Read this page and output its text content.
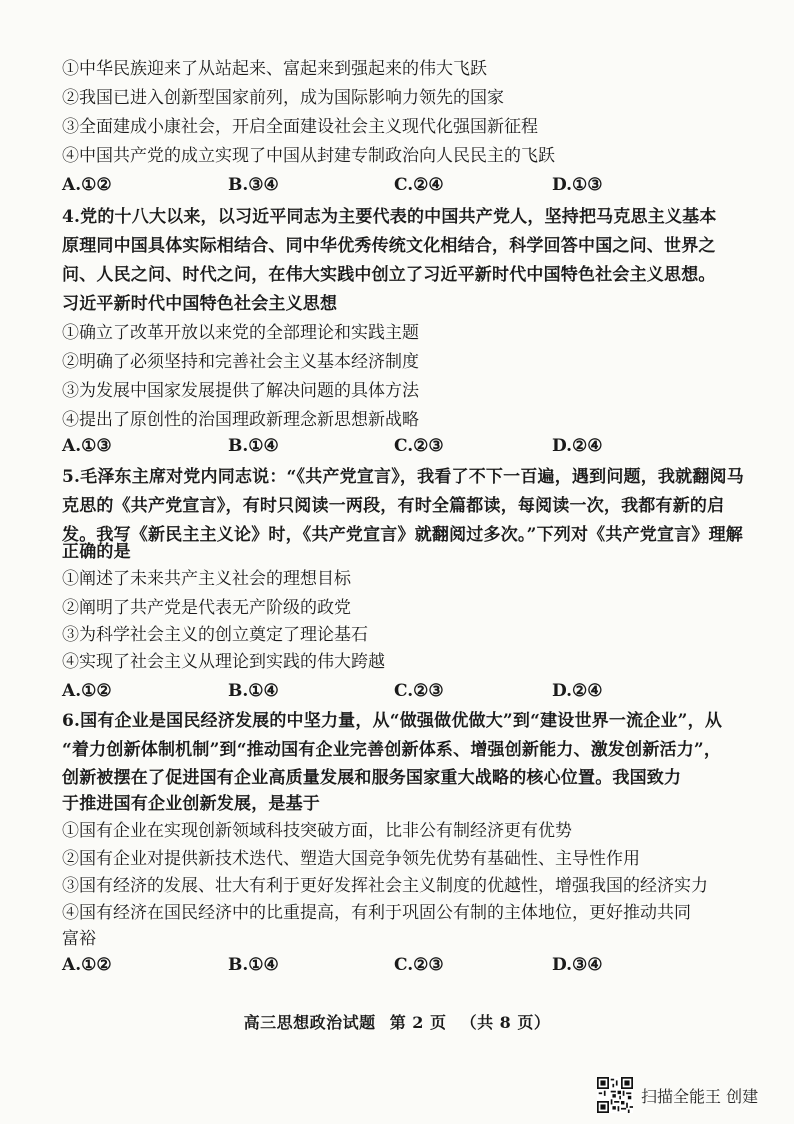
①中华民族迎来了从站起来、富起来到强起来的伟大飞跃
②我国已进入创新型国家前列，成为国际影响力领先的国家
③全面建成小康社会，开启全面建设社会主义现代化强国新征程
④中国共产党的成立实现了中国从封建专制政治向人民民主的飞跃
A.①②	B.③④	C.②④	D.①③
4.党的十八大以来，以习近平同志为主要代表的中国共产党人，坚持把马克思主义基本
原理同中国具体实际相结合、同中华优秀传统文化相结合，科学回答中国之问、世界之
问、人民之问、时代之问，在伟大实践中创立了习近平新时代中国特色社会主义思想。
习近平新时代中国特色社会主义思想
①确立了改革开放以来党的全部理论和实践主题
②明确了必须坚持和完善社会主义基本经济制度
③为发展中国家发展提供了解决问题的具体方法
④提出了原创性的治国理政新理念新思想新战略
A.①③	B.①④	C.②③	D.②④
5.毛泽东主席对党内同志说：“《共产党宣言》，我看了不下一百遍，遇到问题，我就翻阅马
克思的《共产党宣言》，有时只阅读一两段，有时全篇都读，每阅读一次，我都有新的启
发。我写《新民主主义论》时，《共产党宣言》就翻阅过多次。”下列对《共产党宣言》理解
正确的是
①阐述了未来共产主义社会的理想目标
②阐明了共产党是代表无产阶级的政党
③为科学社会主义的创立奠定了理论基石
④实现了社会主义从理论到实践的伟大跨越
A.①②	B.①④	C.②③	D.②④
6.国有企业是国民经济发展的中坚力量，从“做强做优做大”到“建设世界一流企业”，从
“着力创新体制机制”到“推动国有企业完善创新体系、增强创新能力、激发创新活力”，
创新被摆在了促进国有企业高质量发展和服务国家重大战略的核心位置。我国致力
于推进国有企业创新发展，是基于
①国有企业在实现创新领域科技突破方面，比非公有制经济更有优势
②国有企业对提供新技术迭代、塑造大国竞争领先优势有基础性、主导性作用
③国有经济的发展、壮大有利于更好发挥社会主义制度的优越性，增强我国的经济实力
④国有经济在国民经济中的比重提高，有利于巩固公有制的主体地位，更好推动共同
富裕
A.①②	B.①④	C.②③	D.③④
高三思想政治试题 第 2 页 （共 8 页）
扫描全能王 创建
